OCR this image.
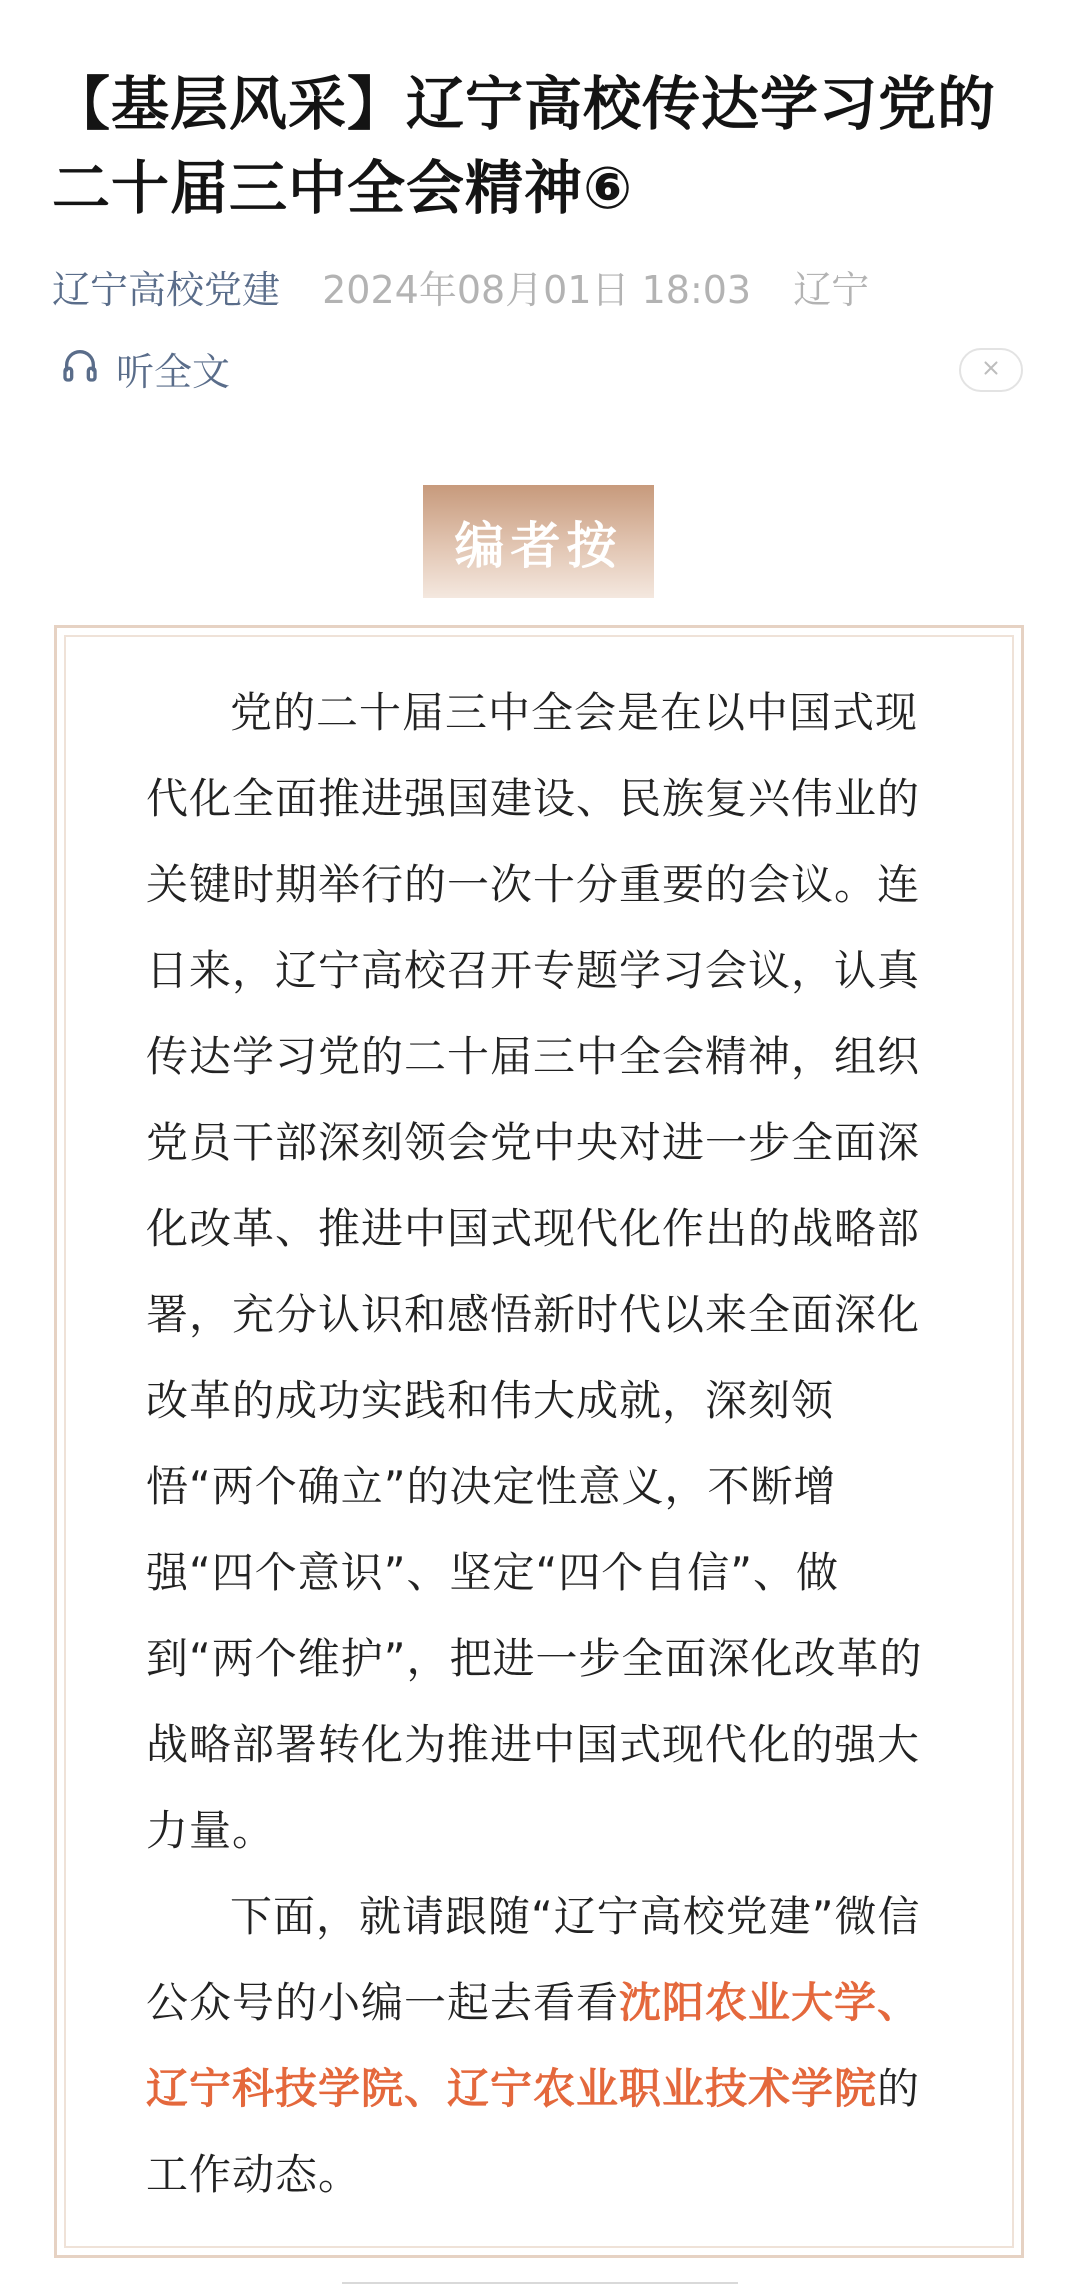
【基层风采】辽宁高校传达学习党的二十届三中全会精神⑥
辽宁高校党建 2024年08月01日 18:03 辽宁
听全文
编者按

党的二十届三中全会是在以中国式现代化全面推进强国建设、民族复兴伟业的关键时期举行的一次十分重要的会议。连日来，辽宁高校召开专题学习会议，认真传达学习党的二十届三中全会精神，组织党员干部深刻领会党中央对进一步全面深化改革、推进中国式现代化作出的战略部署，充分认识和感悟新时代以来全面深化改革的成功实践和伟大成就，深刻领悟“两个确立”的决定性意义，不断增强“四个意识”、坚定“四个自信”、做到“两个维护”，把进一步全面深化改革的战略部署转化为推进中国式现代化的强大力量。

下面，就请跟随“辽宁高校党建”微信公众号的小编一起去看看沈阳农业大学、辽宁科技学院、辽宁农业职业技术学院的工作动态。
